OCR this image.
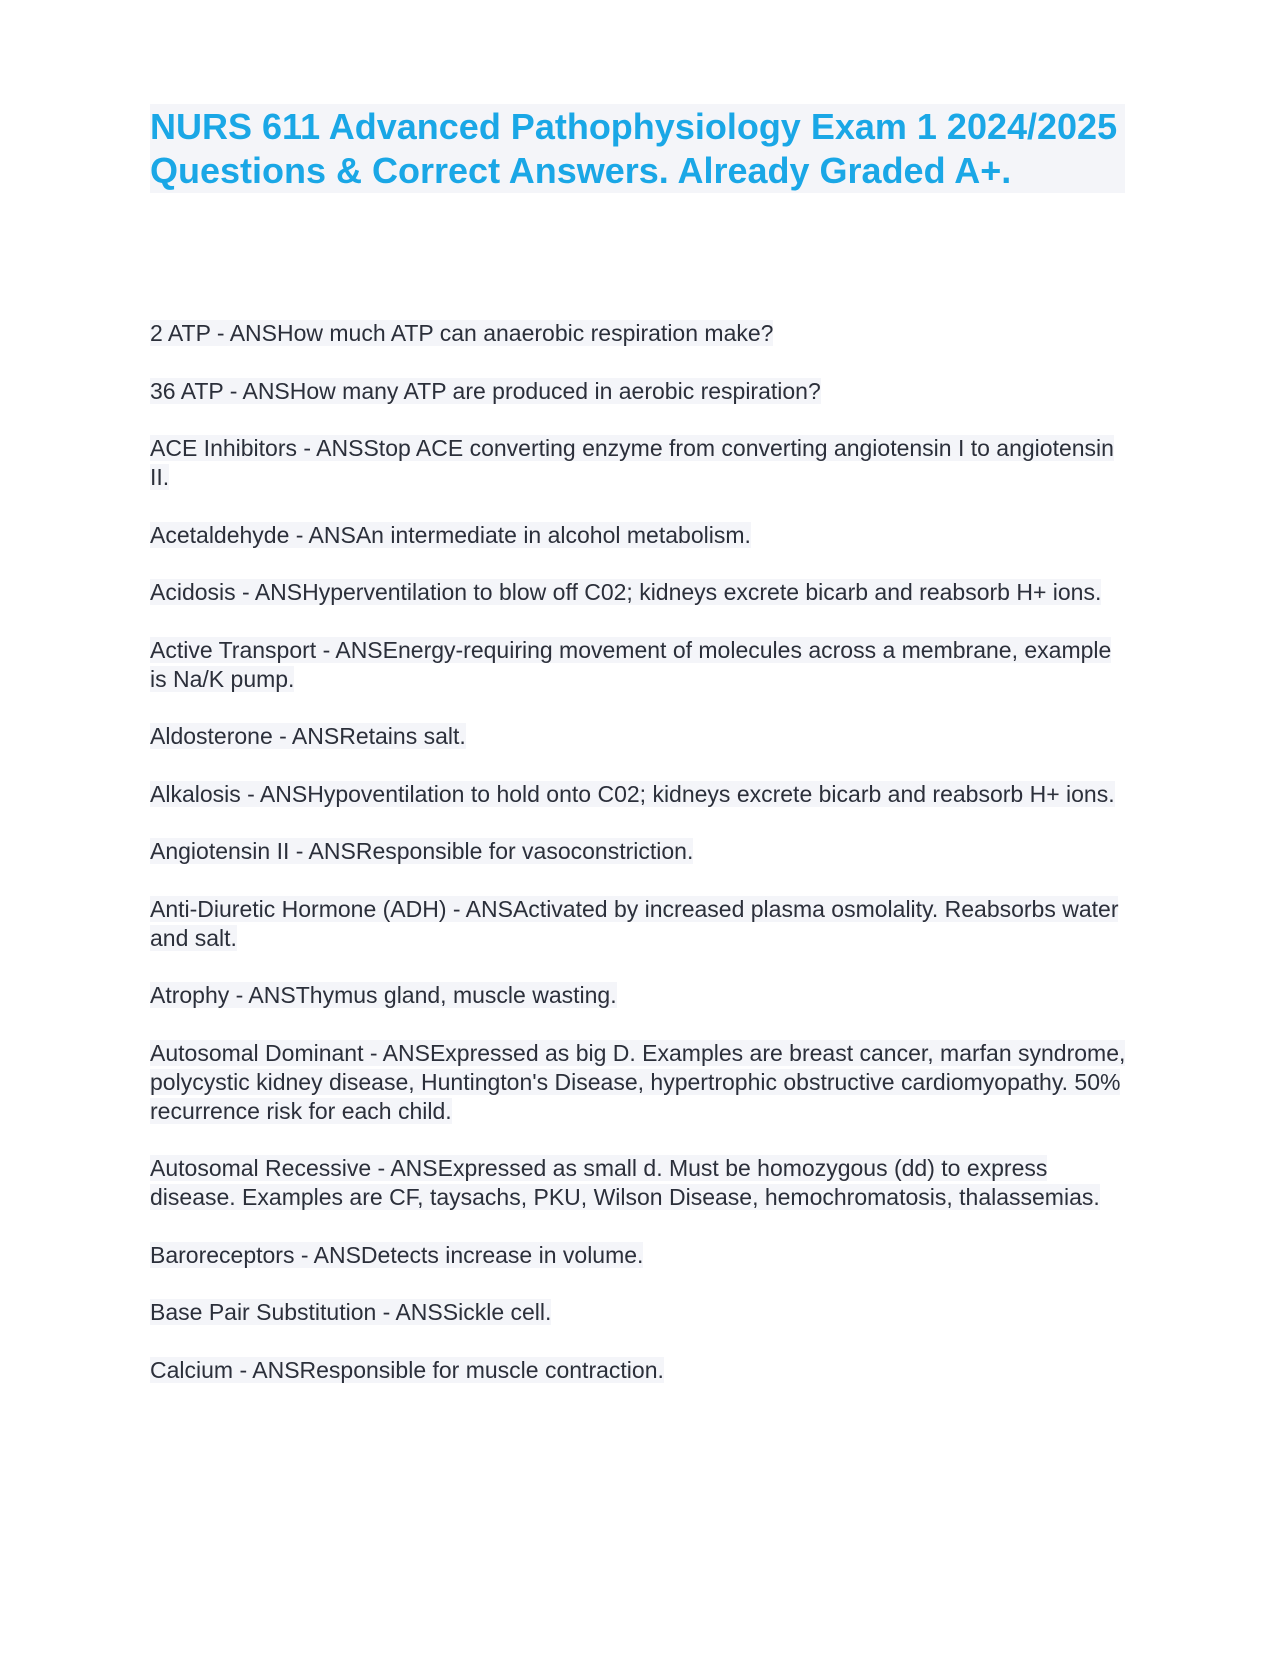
NURS 611 Advanced Pathophysiology Exam 1 2024/2025 Questions & Correct Answers. Already Graded A+.
2 ATP - ANSHow much ATP can anaerobic respiration make?
36 ATP - ANSHow many ATP are produced in aerobic respiration?
ACE Inhibitors - ANSStop ACE converting enzyme from converting angiotensin I to angiotensin II.
Acetaldehyde - ANSAn intermediate in alcohol metabolism.
Acidosis - ANSHyperventilation to blow off C02; kidneys excrete bicarb and reabsorb H+ ions.
Active Transport - ANSEnergy-requiring movement of molecules across a membrane, example is Na/K pump.
Aldosterone - ANSRetains salt.
Alkalosis - ANSHypoventilation to hold onto C02; kidneys excrete bicarb and reabsorb H+ ions.
Angiotensin II - ANSResponsible for vasoconstriction.
Anti-Diuretic Hormone (ADH) - ANSActivated by increased plasma osmolality. Reabsorbs water and salt.
Atrophy - ANSThymus gland, muscle wasting.
Autosomal Dominant - ANSExpressed as big D. Examples are breast cancer, marfan syndrome, polycystic kidney disease, Huntington's Disease, hypertrophic obstructive cardiomyopathy. 50% recurrence risk for each child.
Autosomal Recessive - ANSExpressed as small d. Must be homozygous (dd) to express disease. Examples are CF, taysachs, PKU, Wilson Disease, hemochromatosis, thalassemias.
Baroreceptors - ANSDetects increase in volume.
Base Pair Substitution - ANSSickle cell.
Calcium - ANSResponsible for muscle contraction.
